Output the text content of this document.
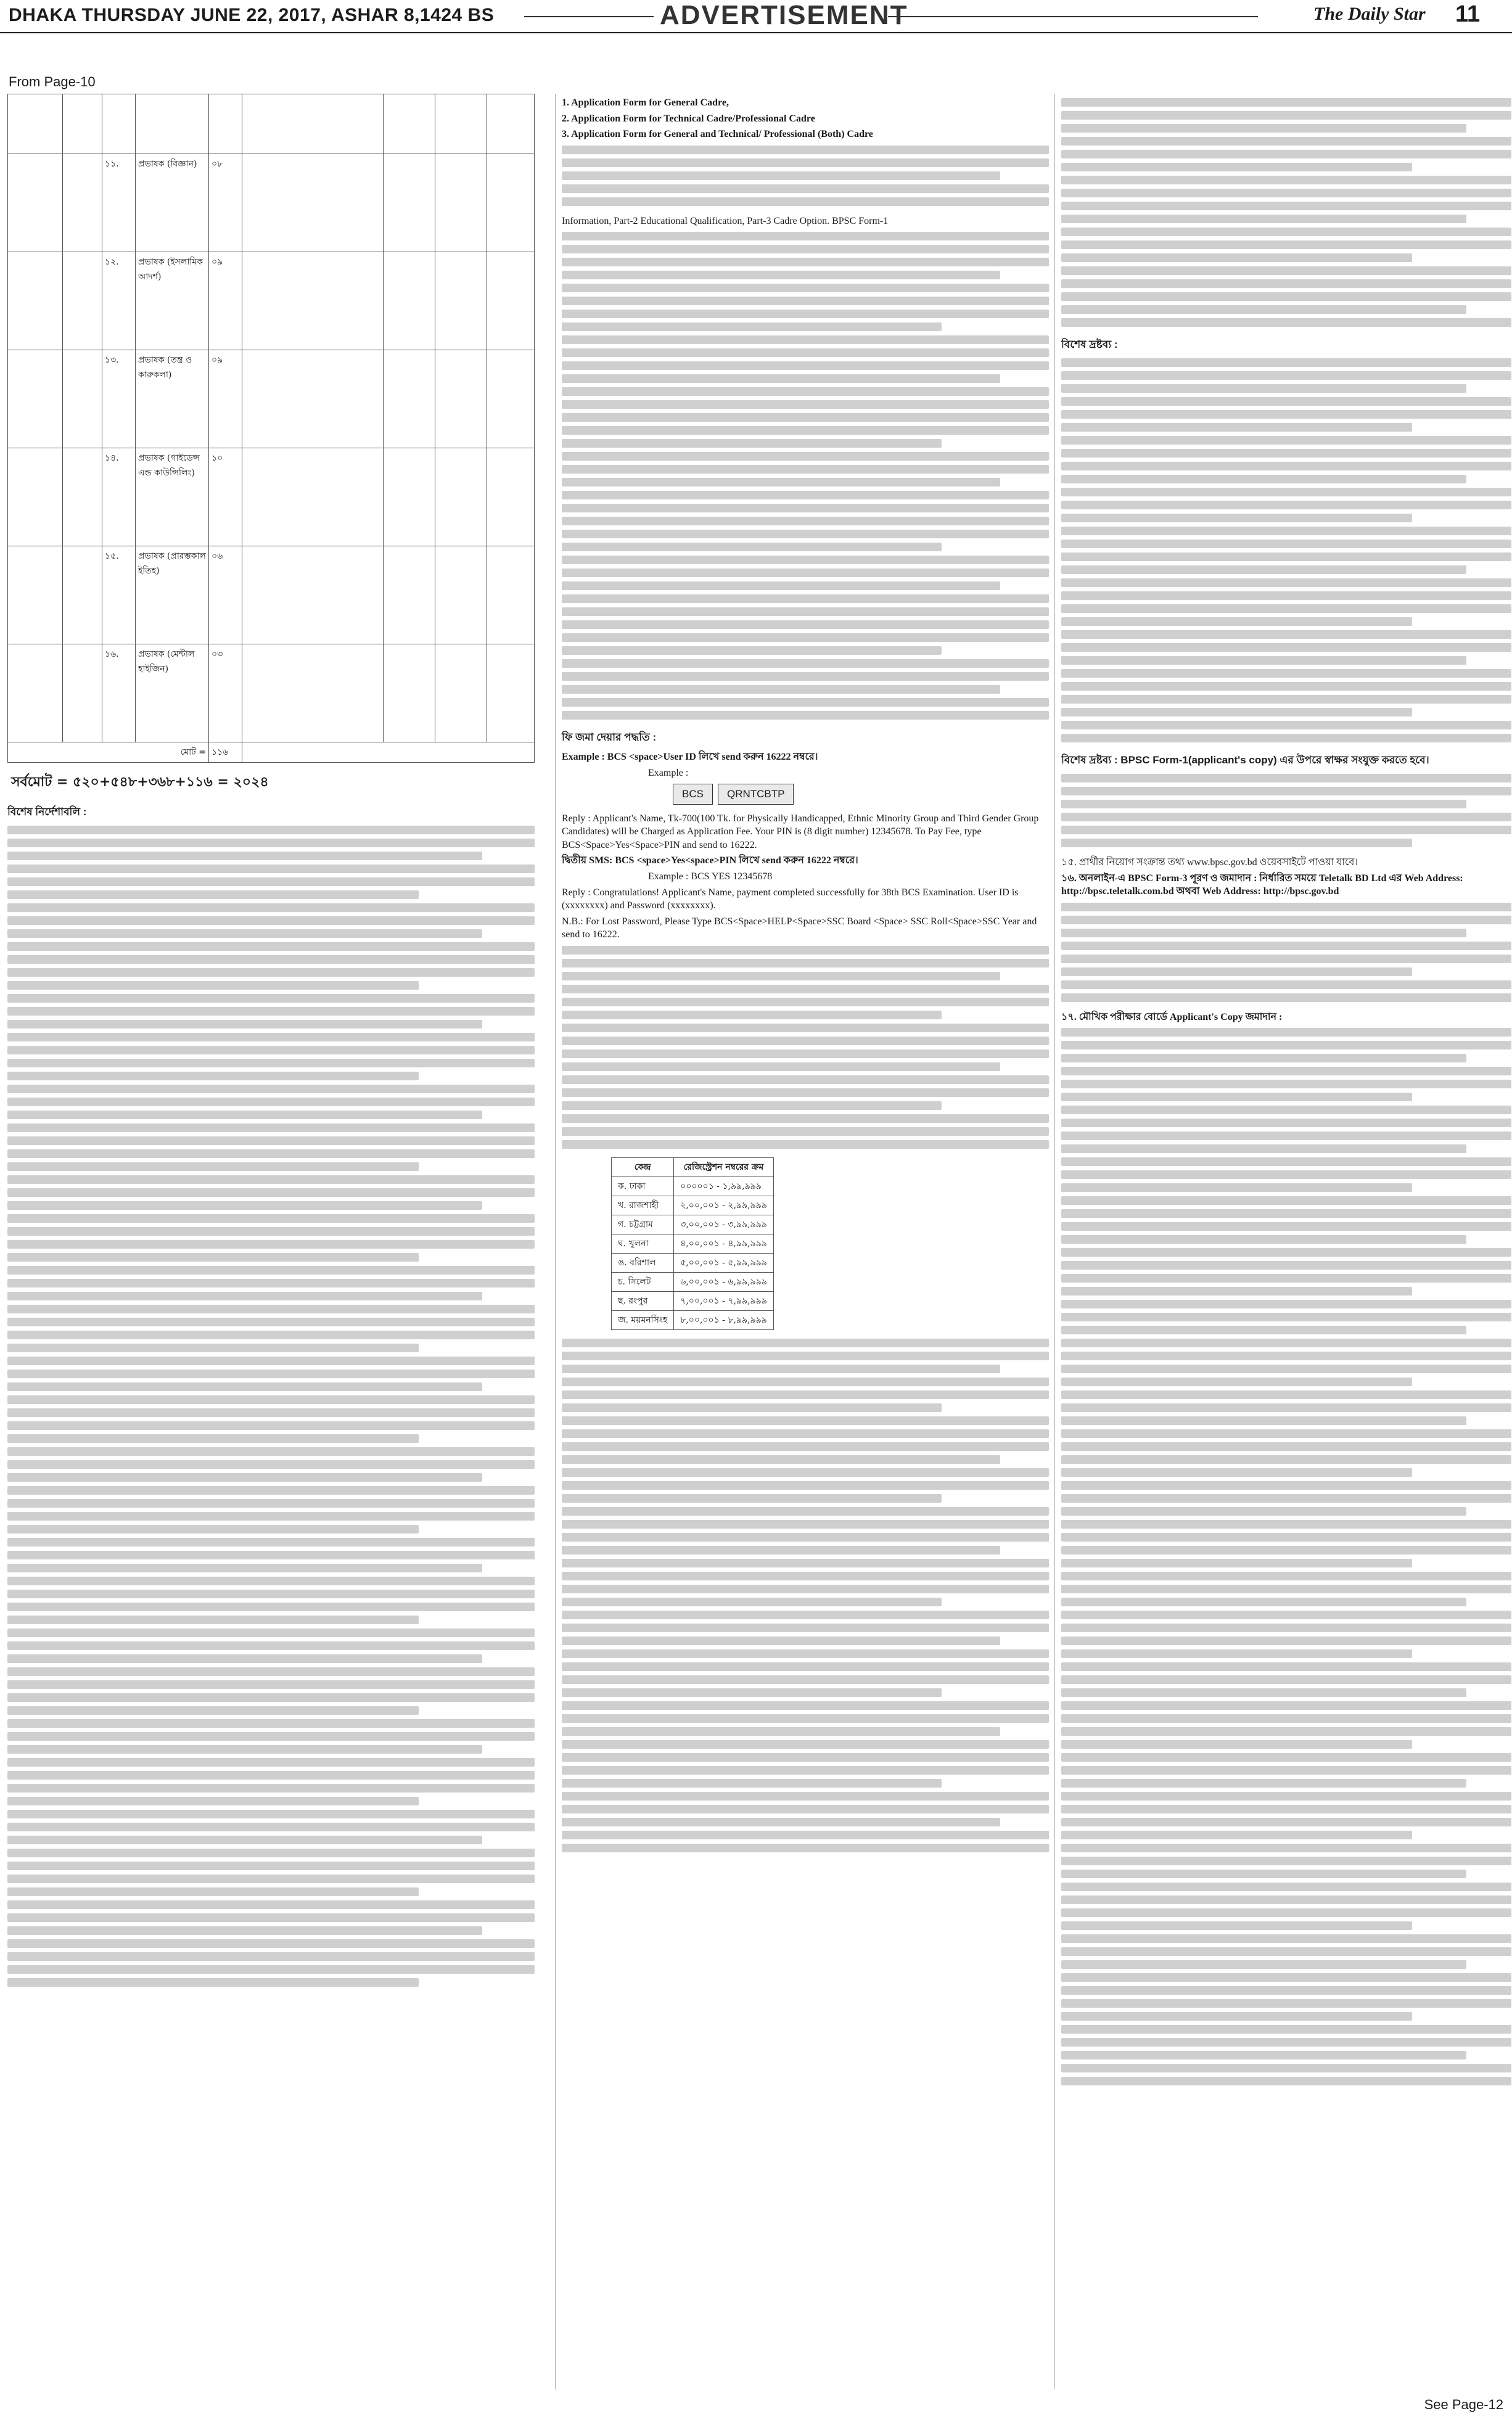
DHAKA THURSDAY JUNE 22, 2017, ASHAR 8,1424 BS	ADVERTISEMENT	The Daily Star 11
From Page-10

		১১.	প্রভাষক (বিজ্ঞান)	০৮				
		১২.	প্রভাষক (ইসলামিক আদর্শ)	০৯				
		১৩.	প্রভাষক (তন্ত্র ও কারুকলা)	০৯				
		১৪.	প্রভাষক (গাইডেন্স এন্ড কাউন্সিলিং)	১০				
		১৫.	প্রভাষক (প্রারম্ভকাল ইতিহ)	০৬				
		১৬.	প্রভাষক (মেন্টাল হাইজিন)	০৩				
মোট =				১১৬				
সর্বমোট = ৫২০+৫৪৮+৩৬৮+১১৬ = ২০২৪
বিশেষ নির্দেশাবলি :
1. Application Form for General Cadre,
2. Application Form for Technical Cadre/Professional Cadre
3. Application Form for General and Technical/ Professional (Both) Cadre
Information, Part-2 Educational Qualification, Part-3 Cadre Option. BPSC Form-1
ফি জমা দেয়ার পদ্ধতি :
Example : BCS <space>User ID লিখে send করুন 16222 নম্বরে।
Example :
BCS	QRNTCBTP
Reply : Applicant's Name, Tk-700(100 Tk. for Physically Handicapped, Ethnic Minority Group and Third Gender Group Candidates) will be Charged as Application Fee. Your PIN is (8 digit number) 12345678. To Pay Fee, type BCS<Space>Yes<Space>PIN and send to 16222.
দ্বিতীয় SMS: BCS <space>Yes<space>PIN লিখে send করুন 16222 নম্বরে।
Example : BCS YES 12345678
Reply : Congratulations! Applicant's Name, payment completed successfully for 38th BCS Examination. User ID is (xxxxxxxx) and Password (xxxxxxxx).
N.B.: For Lost Password, Please Type BCS<Space>HELP<Space>SSC Board <Space> SSC Roll<Space>SSC Year and send to 16222.
কেন্দ্র	রেজিস্ট্রেশন নম্বরের ক্রম
ক. ঢাকা	০০০০০১ - ১,৯৯,৯৯৯
খ. রাজশাহী	২,০০,০০১ - ২,৯৯,৯৯৯
গ. চট্টগ্রাম	৩,০০,০০১ - ৩,৯৯,৯৯৯
ঘ. খুলনা	৪,০০,০০১ - ৪,৯৯,৯৯৯
ঙ. বরিশাল	৫,০০,০০১ - ৫,৯৯,৯৯৯
চ. সিলেট	৬,০০,০০১ - ৬,৯৯,৯৯৯
ছ. রংপুর	৭,০০,০০১ - ৭,৯৯,৯৯৯
জ. ময়মনসিংহ	৮,০০,০০১ - ৮,৯৯,৯৯৯
বিশেষ দ্রষ্টব্য :
বিশেষ দ্রষ্টব্য : BPSC Form-1(applicant's copy) এর উপরে স্বাক্ষর সংযুক্ত করতে হবে।
১৫. প্রার্থীর নিয়োগ সংক্রান্ত তথ্য www.bpsc.gov.bd ওয়েবসাইটে পাওয়া যাবে।
১৬. অনলাইন-এ BPSC Form-3 পূরণ ও জমাদান : নির্ধারিত সময়ে Teletalk BD Ltd এর Web Address: http://bpsc.teletalk.com.bd অথবা Web Address: http://bpsc.gov.bd
১৭. মৌখিক পরীক্ষার বোর্ডে Applicant's Copy জমাদান :
See Page-12
